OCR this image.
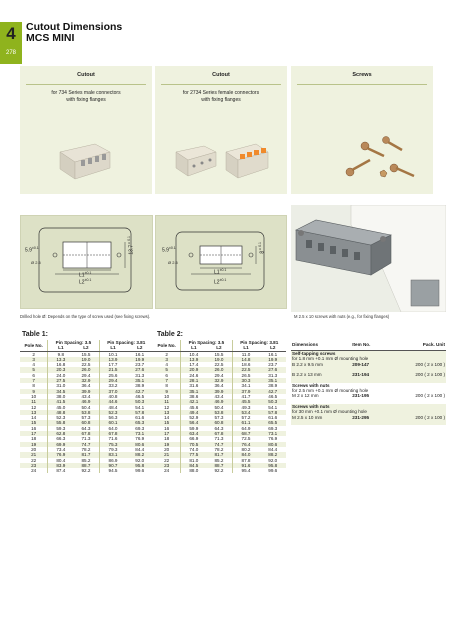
4
278
Cutout Dimensions
MCS MINI
Cutout	Cutout	Screws
for 734 Series male connectors
with fixing flanges
for 2734 Series female connectors
with fixing flanges
$5.9^{\pm 0.1}$	$13.7^{\pm 0.1}$
$L1^{\pm 0.1}$
$L2^{\pm 0.1}$
Ø 2.5
$5.9^{\pm 0.1}$
$8^{\pm 0.1}$
$L1^{\pm 0.1}$
$L2^{\pm 0.1}$
Ø 2.5
Drilled hole Ø: Depends on the type of screw used (see fixing screws).	M 2.5 x 10 screws with nuts (e.g., for fixing flanges)
Table 1:	Table 2:
Pole No.	Pin Spacing: 3.5		Pin Spacing: 3.81	
	L1	L2	L1	L2
2	9.8	15.5	10.1	16.1
3	13.3	19.0	13.9	19.9
4	16.8	22.5	17.7	23.7
5	20.3	26.0	21.5	27.6
6	24.0	29.4	25.6	31.3
7	27.5	32.9	29.4	35.1
8	31.0	36.4	33.2	38.9
9	34.5	39.9	37.0	42.7
10	38.0	43.4	40.8	46.5
11	41.5	46.9	44.6	50.3
12	45.0	50.4	48.4	54.1
13	48.8	53.8	52.3	57.8
14	52.3	57.3	56.3	61.6
15	55.8	60.8	60.1	65.3
16	59.3	64.3	64.0	69.3
17	62.8	67.8	67.8	73.1
18	66.3	71.3	71.6	76.9
19	69.9	74.7	75.3	80.6
20	73.4	78.2	79.3	84.4
21	76.9	81.7	83.1	88.2
22	80.4	85.2	86.9	92.0
23	83.9	88.7	90.7	95.8
24	87.4	92.2	94.5	99.6
Pole No.	Pin Spacing: 3.5		Pin Spacing: 3.81	
	L1	L2	L1	L2
2	10.4	15.5	11.0	16.1
3	13.9	19.0	14.8	19.9
4	17.4	22.5	18.6	23.7
5	20.9	26.0	22.5	27.6
6	24.6	29.4	26.5	31.3
7	28.1	32.9	30.3	35.1
8	31.6	36.4	34.1	38.9
9	35.1	39.9	37.9	42.7
10	38.6	43.4	41.7	46.5
11	42.1	46.9	45.5	50.3
12	45.6	50.4	49.3	54.1
13	49.4	53.8	53.4	57.8
14	52.9	57.3	57.2	61.6
15	56.4	60.8	61.1	65.5
16	59.9	64.3	64.9	69.3
17	63.4	67.8	68.7	73.1
18	66.9	71.3	72.5	76.9
19	70.5	74.7	76.4	80.6
20	74.0	78.2	80.2	84.4
21	77.5	81.7	84.0	88.2
22	81.0	85.2	87.8	92.0
23	84.5	88.7	91.6	95.8
24	88.0	92.2	95.4	99.6
Dimensions	Item No.	Pack. Unit
Self-tapping screws		
for 1.8 mm +0.1 mm Ø mounting hole		
B 2.2 x 9.5 mm	209-147	200 ( 2 x 100 )

B 2.2 x 13 mm	231-194	200 ( 2 x 100 )

Screws with nuts		
for 2.5 mm +0.1 mm Ø mounting hole		
M 2 x 12 mm	231-195	200 ( 2 x 100 )

Screws with nuts		
for 30 mm +0.1 mm Ø mounting hole		
M 2.5 x 10 mm	231-295	200 ( 2 x 100 )
